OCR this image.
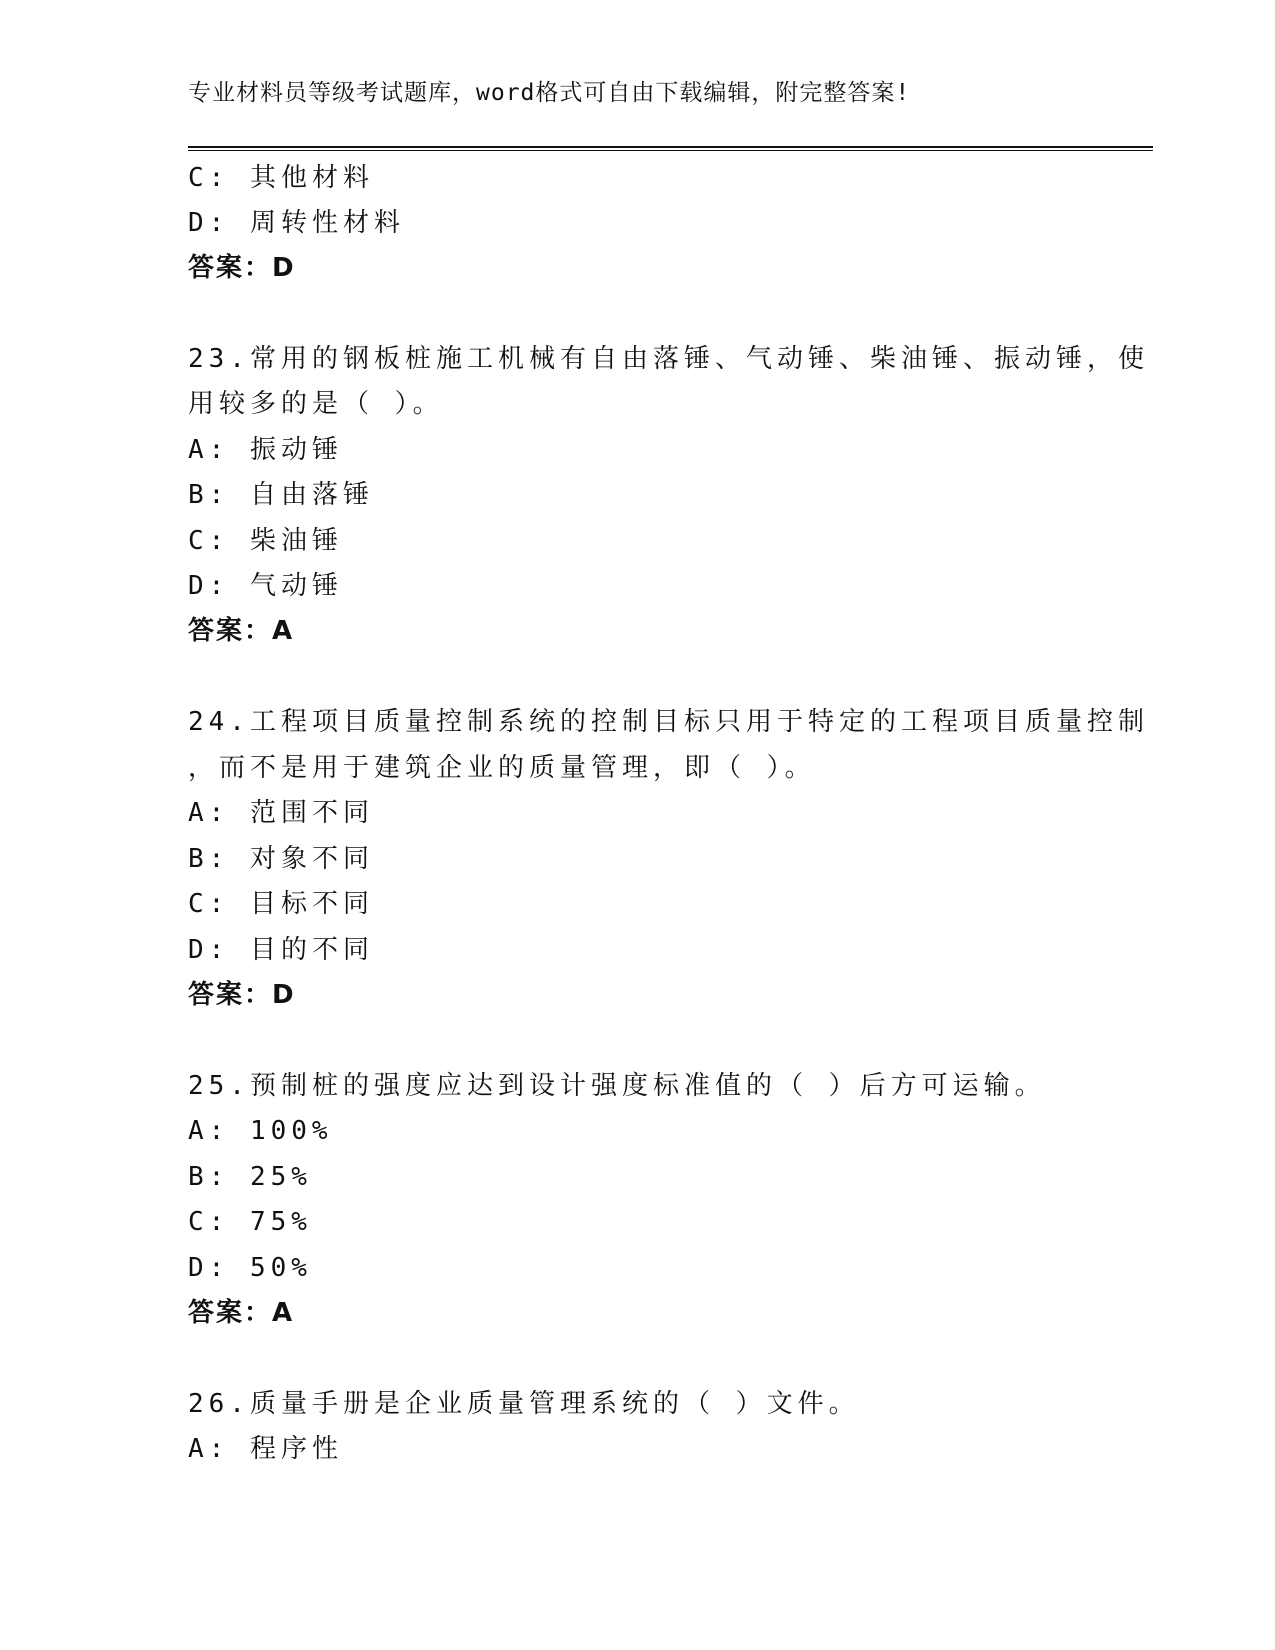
专业材料员等级考试题库，word格式可自由下载编辑，附完整答案!
C: 其他材料
D: 周转性材料
答案：D
23.常用的钢板桩施工机械有自由落锤、气动锤、柴油锤、振动锤，使
用较多的是（ ）。
A: 振动锤
B: 自由落锤
C: 柴油锤
D: 气动锤
答案：A
24.工程项目质量控制系统的控制目标只用于特定的工程项目质量控制
，而不是用于建筑企业的质量管理，即（ ）。
A: 范围不同
B: 对象不同
C: 目标不同
D: 目的不同
答案：D
25.预制桩的强度应达到设计强度标准值的（ ）后方可运输。
A: 100%
B: 25%
C: 75%
D: 50%
答案：A
26.质量手册是企业质量管理系统的（ ）文件。
A: 程序性
